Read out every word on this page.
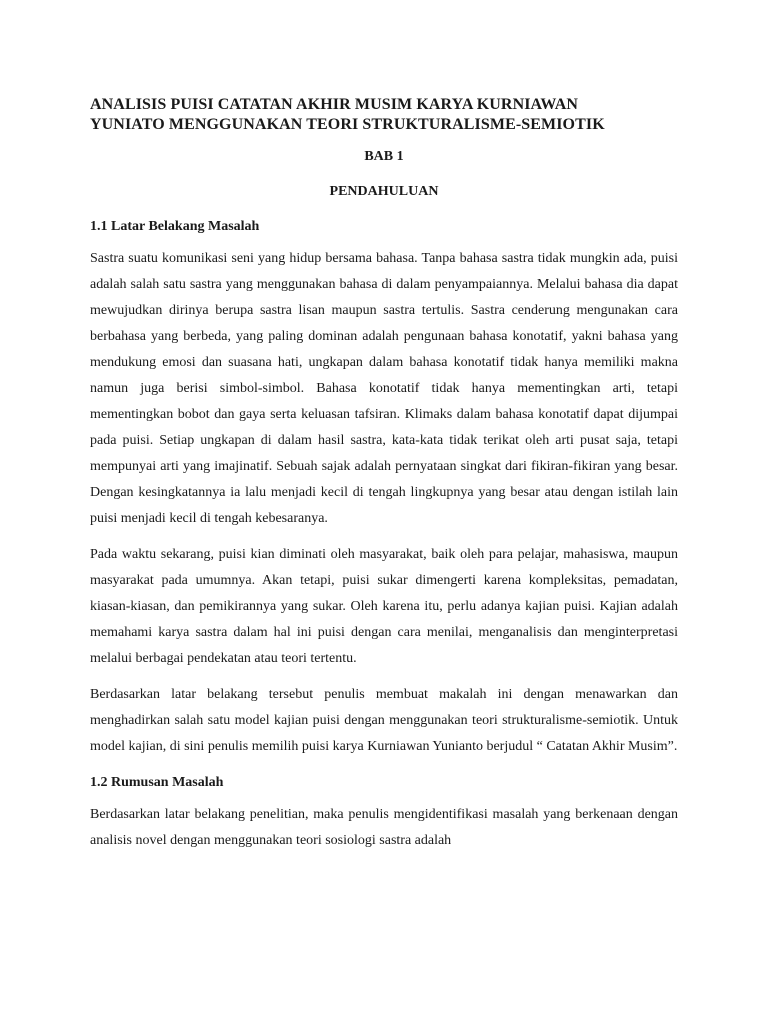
ANALISIS PUISI CATATAN AKHIR MUSIM KARYA KURNIAWAN
YUNIATO MENGGUNAKAN TEORI STRUKTURALISME-SEMIOTIK

BAB 1

PENDAHULUAN

1.1 Latar Belakang Masalah

Sastra suatu komunikasi seni yang hidup bersama bahasa. Tanpa bahasa sastra tidak mungkin ada, puisi adalah salah satu sastra yang menggunakan bahasa di dalam penyampaiannya. Melalui bahasa dia dapat mewujudkan dirinya berupa sastra lisan maupun sastra tertulis. Sastra cenderung mengunakan cara berbahasa yang berbeda, yang paling dominan adalah pengunaan bahasa konotatif, yakni bahasa yang mendukung emosi dan suasana hati, ungkapan dalam bahasa konotatif tidak hanya memiliki makna namun juga berisi simbol-simbol. Bahasa konotatif tidak hanya mementingkan arti, tetapi mementingkan bobot dan gaya serta keluasan tafsiran. Klimaks dalam bahasa konotatif dapat dijumpai pada puisi. Setiap ungkapan di dalam hasil sastra, kata-kata tidak terikat oleh arti pusat saja, tetapi mempunyai arti yang imajinatif. Sebuah sajak adalah pernyataan singkat dari fikiran-fikiran yang besar. Dengan kesingkatannya ia lalu menjadi kecil di tengah lingkupnya yang besar atau dengan istilah lain puisi menjadi kecil di tengah kebesaranya.

Pada waktu sekarang, puisi kian diminati oleh masyarakat, baik oleh para pelajar, mahasiswa, maupun masyarakat pada umumnya. Akan tetapi, puisi sukar dimengerti karena kompleksitas, pemadatan, kiasan-kiasan, dan pemikirannya yang sukar. Oleh karena itu, perlu adanya kajian puisi. Kajian adalah memahami karya sastra dalam hal ini puisi dengan cara menilai, menganalisis dan menginterpretasi melalui berbagai pendekatan atau teori tertentu.

Berdasarkan latar belakang tersebut penulis membuat makalah ini dengan menawarkan dan menghadirkan salah satu model kajian puisi dengan menggunakan teori strukturalisme-semiotik. Untuk model kajian, di sini penulis memilih puisi karya Kurniawan Yunianto berjudul “ Catatan Akhir Musim”.

1.2 Rumusan Masalah

Berdasarkan latar belakang penelitian, maka penulis mengidentifikasi masalah yang berkenaan dengan analisis novel dengan menggunakan teori sosiologi sastra adalah
